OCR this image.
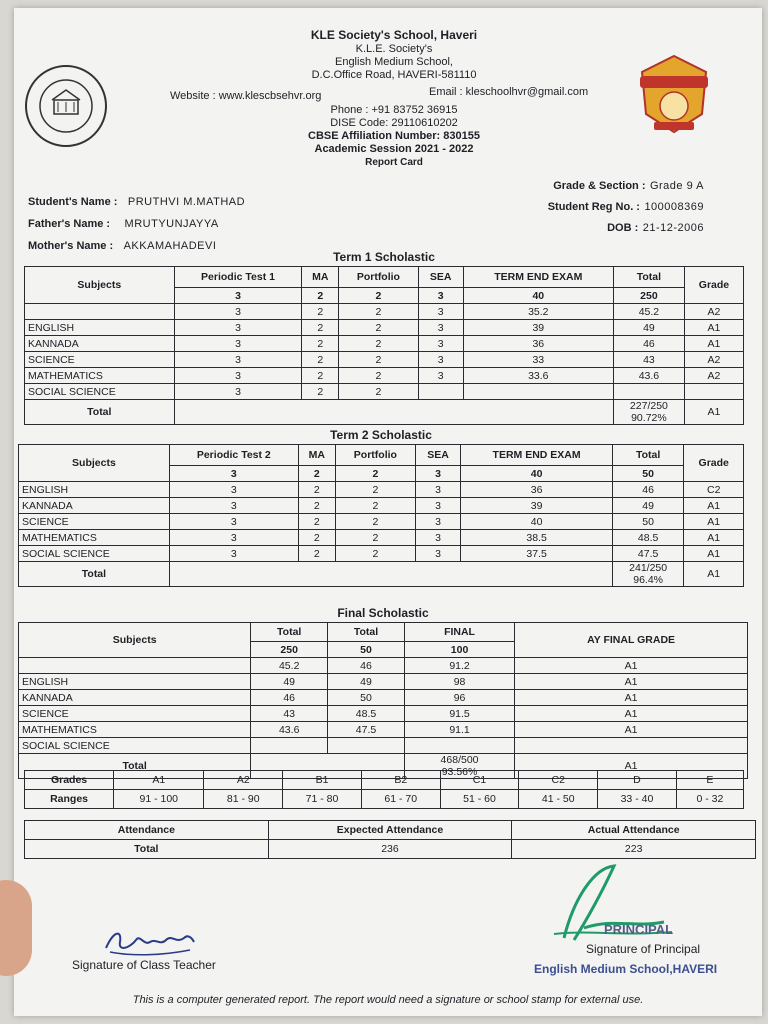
KLE Society's School, Haveri
K.L.E. Society's
English Medium School,
D.C.Office Road, HAVERI-581110
Website : www.klescbsehvr.org	Email : kleschoolhvr@gmail.com
Phone : +91 83752 36915
DISE Code: 29110610202
CBSE Affiliation Number: 830155
Academic Session 2021 - 2022
Report Card
Student's Name : PRUTHVI M.MATHAD
Father's Name : MRUTYUNJAYYA
Mother's Name : AKKAMAHADEVI
Grade & Section : Grade 9 A
Student Reg No. : 100008369
DOB : 21-12-2006
Term 1 Scholastic
Subjects	Periodic Test 1	MA	Portfolio	SEA	TERM END EXAM	Total	Grade
	3	2	2	3	40	250	
	3	2	2	3	35.2	45.2	A2
ENGLISH	3	2	2	3	39	49	A1
KANNADA	3	2	2	3	36	46	A1
SCIENCE	3	2	2	3	33	43	A2
MATHEMATICS	3	2	2	3	33.6	43.6	A2
SOCIAL SCIENCE	3	2	2				
Total						227/250
90.72%	A1
Term 2 Scholastic
Subjects	Periodic Test 2	MA	Portfolio	SEA	TERM END EXAM	Total	Grade
	3	2	2	3	40	50	
ENGLISH	3	2	2	3	36	46	C2
KANNADA	3	2	2	3	39	49	A1
SCIENCE	3	2	2	3	40	50	A1
MATHEMATICS	3	2	2	3	38.5	48.5	A1
SOCIAL SCIENCE	3	2	2	3	37.5	47.5	A1
Total						241/250
96.4%	A1
Final Scholastic
Subjects	Total	Total	FINAL	AY FINAL GRADE
	250	50	100	
	45.2	46	91.2	A1
ENGLISH	49	49	98	A1
KANNADA	46	50	96	A1
SCIENCE	43	48.5	91.5	A1
MATHEMATICS	43.6	47.5	91.1	A1
SOCIAL SCIENCE				
Total			468/500
93.56%	A1
Grades	A1	A2	B1	B2	C1	C2	D	E
Ranges	91 - 100	81 - 90	71 - 80	61 - 70	51 - 60	41 - 50	33 - 40	0 - 32
Attendance	Expected Attendance	Actual Attendance
Total	236	223
Signature of Class Teacher
PRINCIPAL
Signature of Principal
English Medium School,HAVERI
This is a computer generated report. The report would need a signature or school stamp for external use.
